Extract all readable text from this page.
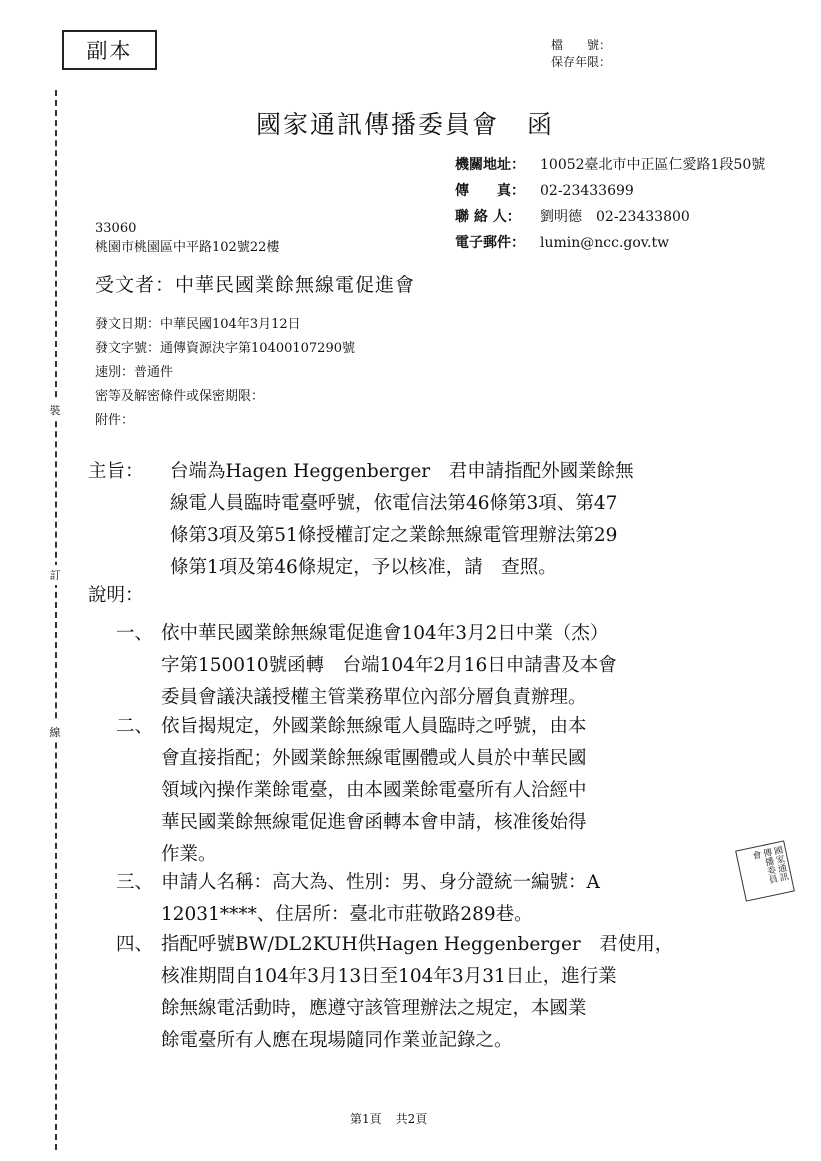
副本	檔　　號：
保存年限：
裝
訂
線
國家通訊傳播委員會 函
機關地址： 10052臺北市中正區仁愛路1段50號
傳　　真： 02-23433699
聯 絡 人： 劉明德　02-23433800
電子郵件： lumin@ncc.gov.tw
33060
桃園市桃園區中平路102號22樓
受文者：中華民國業餘無線電促進會
發文日期：中華民國104年3月12日
發文字號：通傳資源決字第10400107290號
速別：普通件
密等及解密條件或保密期限：
附件：
主旨：	台端為Hagen Heggenberger　君申請指配外國業餘無
線電人員臨時電臺呼號，依電信法第46條第3項、第47
條第3項及第51條授權訂定之業餘無線電管理辦法第29
條第1項及第46條規定，予以核准，請　查照。
說明：
一、 依中華民國業餘無線電促進會104年3月2日中業（杰）
字第150010號函轉　台端104年2月16日申請書及本會
委員會議決議授權主管業務單位內部分層負責辦理。
二、 依旨揭規定，外國業餘無線電人員臨時之呼號，由本
會直接指配；外國業餘無線電團體或人員於中華民國
領域內操作業餘電臺，由本國業餘電臺所有人洽經中
華民國業餘無線電促進會函轉本會申請，核准後始得
作業。
三、 申請人名稱：高大為、性別：男、身分證統一編號：A
12031****、住居所：臺北市莊敬路289巷。
四、 指配呼號BW/DL2KUH供Hagen Heggenberger　君使用，
核准期間自104年3月13日至104年3月31日止，進行業
餘無線電活動時，應遵守該管理辦法之規定，本國業
餘電臺所有人應在現場隨同作業並記錄之。
國家通訊傳播委員會
第1頁 共2頁
